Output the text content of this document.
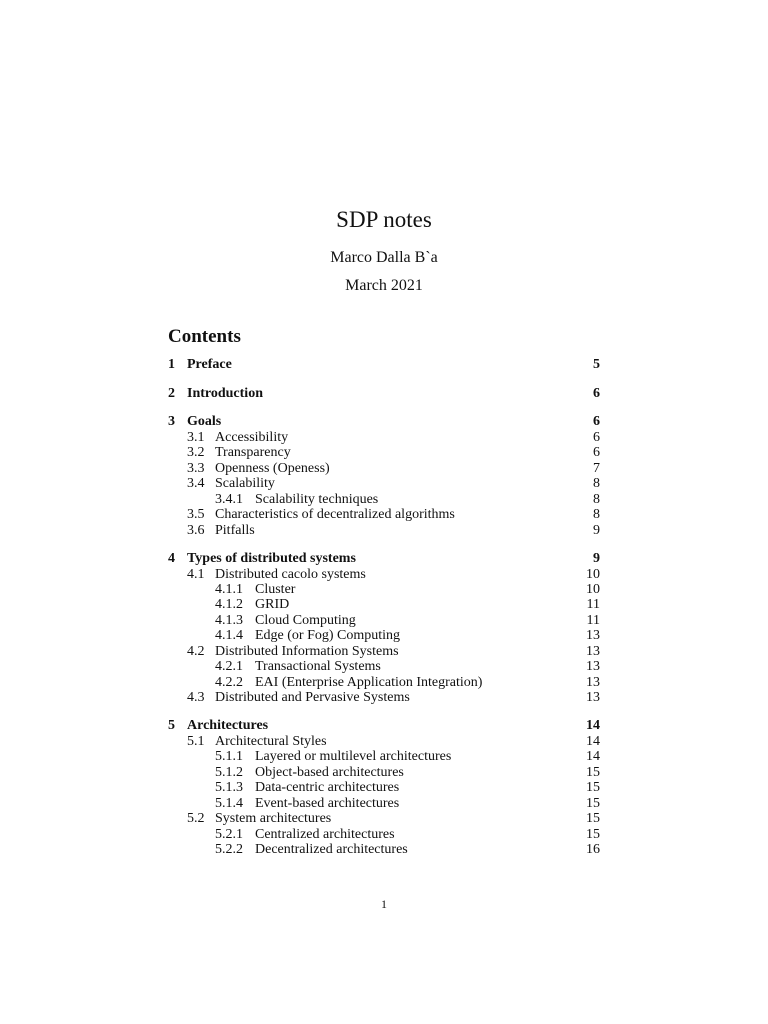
SDP notes
Marco Dalla B`a
March 2021
Contents
1 Preface	5
2 Introduction	6
3 Goals	6
3.1 Accessibility	6
3.2 Transparency	6
3.3 Openness (Openess)	7
3.4 Scalability	8
3.4.1 Scalability techniques	8
3.5 Characteristics of decentralized algorithms	8
3.6 Pitfalls	9
4 Types of distributed systems	9
4.1 Distributed cacolo systems	10
4.1.1 Cluster	10
4.1.2 GRID	11
4.1.3 Cloud Computing	11
4.1.4 Edge (or Fog) Computing	13
4.2 Distributed Information Systems	13
4.2.1 Transactional Systems	13
4.2.2 EAI (Enterprise Application Integration)	13
4.3 Distributed and Pervasive Systems	13
5 Architectures	14
5.1 Architectural Styles	14
5.1.1 Layered or multilevel architectures	14
5.1.2 Object-based architectures	15
5.1.3 Data-centric architectures	15
5.1.4 Event-based architectures	15
5.2 System architectures	15
5.2.1 Centralized architectures	15
5.2.2 Decentralized architectures	16
1
